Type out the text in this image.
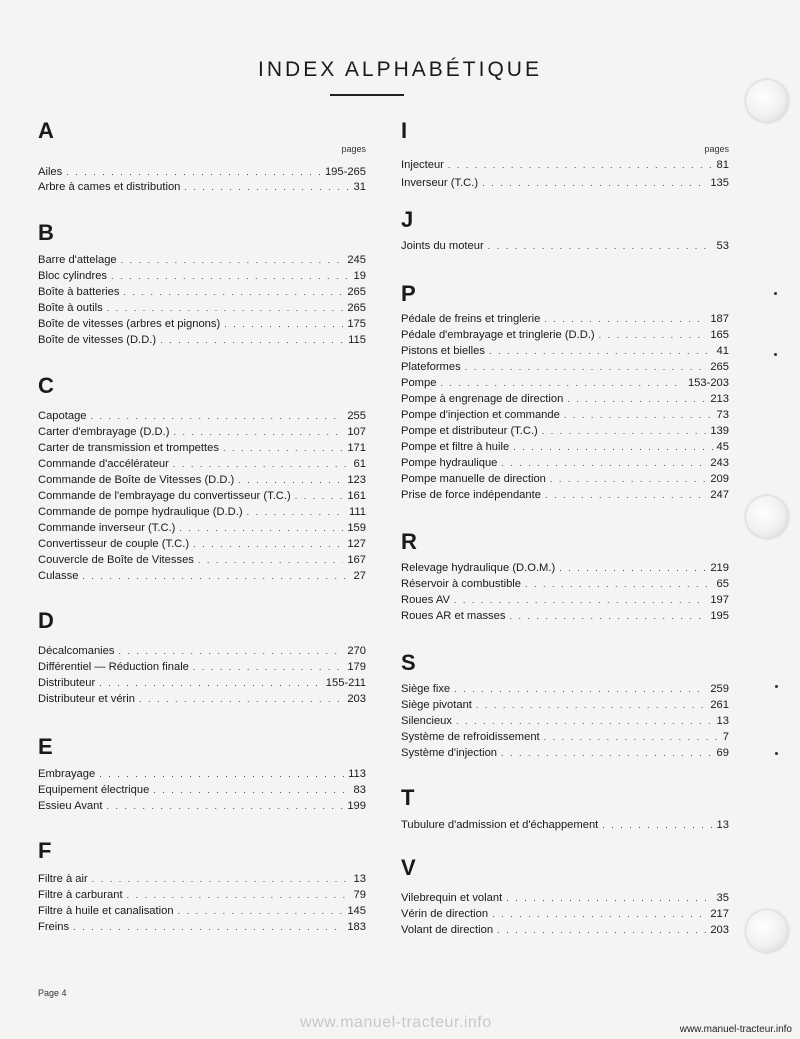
INDEX ALPHABÉTIQUE
A
pages
Ailes . . .	195-265
Arbre à cames et distribution . . .	31
B
Barre d'attelage . . .	245
Bloc cylindres . . .	19
Boîte à batteries . . .	265
Boîte à outils . . .	265
Boîte de vitesses (arbres et pignons) . . .	175
Boîte de vitesses (D.D.) . . .	115
C
Capotage . . .	255
Carter d'embrayage (D.D.) . . .	107
Carter de transmission et trompettes . . .	171
Commande d'accélérateur . . .	61
Commande de Boîte de Vitesses (D.D.) . . .	123
Commande de l'embrayage du convertisseur (T.C.) . . .	161
Commande de pompe hydraulique (D.D.) . . .	111
Commande inverseur (T.C.) . . .	159
Convertisseur de couple (T.C.) . . .	127
Couvercle de Boîte de Vitesses . . .	167
Culasse . . .	27
D
Décalcomanies . . .	270
Différentiel — Réduction finale . . .	179
Distributeur . . .	155-211
Distributeur et vérin . . .	203
E
Embrayage . . .	113
Equipement électrique . . .	83
Essieu Avant . . .	199
F
Filtre à air . . .	13
Filtre à carburant . . .	79
Filtre à huile et canalisation . . .	145
Freins . . .	183
I
pages
Injecteur . . .	81
Inverseur (T.C.) . . .	135
J
Joints du moteur . . .	53
P
Pédale de freins et tringlerie . . .	187
Pédale d'embrayage et tringlerie (D.D.) . . .	165
Pistons et bielles . . .	41
Plateformes . . .	265
Pompe . . .	153-203
Pompe à engrenage de direction . . .	213
Pompe d'injection et commande . . .	73
Pompe et distributeur (T.C.) . . .	139
Pompe et filtre à huile . . .	45
Pompe hydraulique . . .	243
Pompe manuelle de direction . . .	209
Prise de force indépendante . . .	247
R
Relevage hydraulique (D.O.M.) . . .	219
Réservoir à combustible . . .	65
Roues AV . . .	197
Roues AR et masses . . .	195
S
Siège fixe . . .	259
Siège pivotant . . .	261
Silencieux . . .	13
Système de refroidissement . . .	7
Système d'injection . . .	69
T
Tubulure d'admission et d'échappement . . .	13
V
Vilebrequin et volant . . .	35
Vérin de direction . . .	217
Volant de direction . . .	203
Page 4
www.manuel-tracteur.info	www.manuel-tracteur.info
